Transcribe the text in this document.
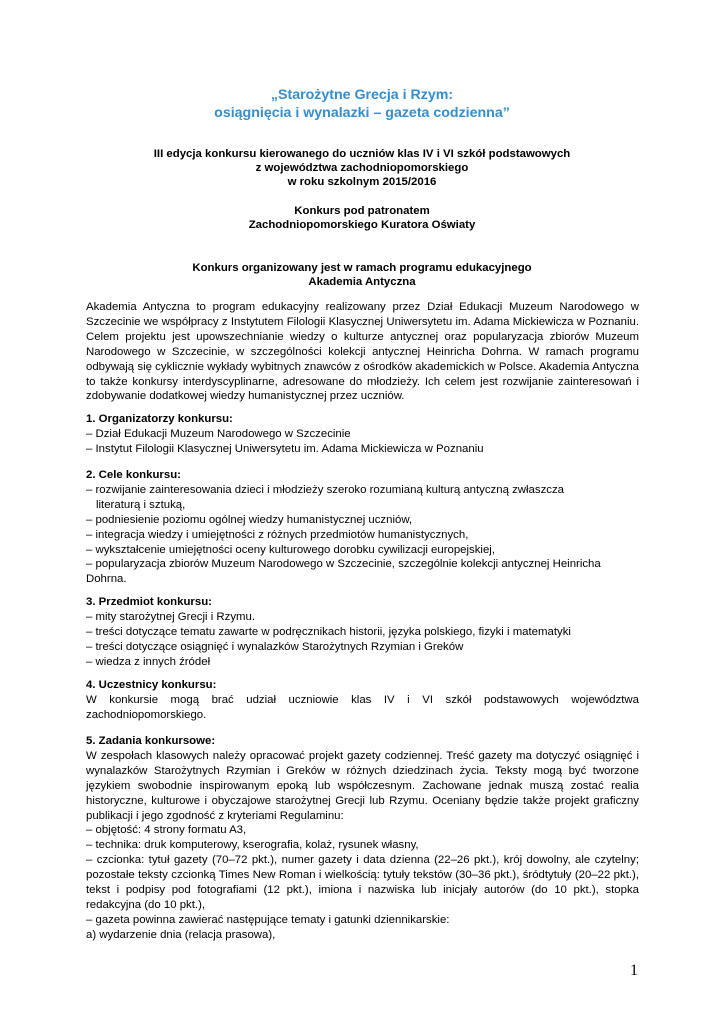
„Starożytne Grecja i Rzym:
osiągnięcia i wynalazki – gazeta codzienna”
III edycja konkursu kierowanego do uczniów klas IV i VI szkół podstawowych
z województwa zachodniopomorskiego
w roku szkolnym 2015/2016
Konkurs pod patronatem
Zachodniopomorskiego Kuratora Oświaty
Konkurs organizowany jest w ramach programu edukacyjnego
Akademia Antyczna
Akademia Antyczna to program edukacyjny realizowany przez Dział Edukacji Muzeum Narodowego w Szczecinie we współpracy z Instytutem Filologii Klasycznej Uniwersytetu im. Adama Mickiewicza w Poznaniu. Celem projektu jest upowszechnianie wiedzy o kulturze antycznej oraz popularyzacja zbiorów Muzeum Narodowego w Szczecinie, w szczególności kolekcji antycznej Heinricha Dohrna. W ramach programu odbywają się cyklicznie wykłady wybitnych znawców z ośrodków akademickich w Polsce. Akademia Antyczna to także konkursy interdyscyplinarne, adresowane do młodzieży. Ich celem jest rozwijanie zainteresowań i zdobywanie dodatkowej wiedzy humanistycznej przez uczniów.
1. Organizatorzy konkursu:
– Dział Edukacji Muzeum Narodowego w Szczecinie
– Instytut Filologii Klasycznej Uniwersytetu im. Adama Mickiewicza w Poznaniu
2. Cele konkursu:
– rozwijanie zainteresowania dzieci i młodzieży szeroko rozumianą kulturą antyczną zwłaszcza
literaturą i sztuką,
– podniesienie poziomu ogólnej wiedzy humanistycznej uczniów,
– integracja wiedzy i umiejętności z różnych przedmiotów humanistycznych,
– wykształcenie umiejętności oceny kulturowego dorobku cywilizacji europejskiej,
– popularyzacja zbiorów Muzeum Narodowego w Szczecinie, szczególnie kolekcji antycznej Heinricha Dohrna.
3. Przedmiot konkursu:
– mity starożytnej Grecji i Rzymu.
– treści dotyczące tematu zawarte w podręcznikach historii, języka polskiego, fizyki i matematyki
– treści dotyczące osiągnięć i wynalazków Starożytnych Rzymian i Greków
– wiedza z innych źródeł
4. Uczestnicy konkursu:
W konkursie mogą brać udział uczniowie klas IV i VI szkół podstawowych województwa zachodniopomorskiego.
5. Zadania konkursowe:
W zespołach klasowych należy opracować projekt gazety codziennej. Treść gazety ma dotyczyć osiągnięć i wynalazków Starożytnych Rzymian i Greków w różnych dziedzinach życia. Teksty mogą być tworzone językiem swobodnie inspirowanym epoką lub współczesnym. Zachowane jednak muszą zostać realia historyczne, kulturowe i obyczajowe starożytnej Grecji lub Rzymu. Oceniany będzie także projekt graficzny publikacji i jego zgodność z kryteriami Regulaminu:
– objętość: 4 strony formatu A3,
– technika: druk komputerowy, kserografia, kolaż, rysunek własny,
– czcionka: tytuł gazety (70–72 pkt.), numer gazety i data dzienna (22–26 pkt.), krój dowolny, ale czytelny; pozostałe teksty czcionką Times New Roman i wielkością: tytuły tekstów (30–36 pkt.), śródtytuły (20–22 pkt.), tekst i podpisy pod fotografiami (12 pkt.), imiona i nazwiska lub inicjały autorów (do 10 pkt.), stopka redakcyjna (do 10 pkt.),
– gazeta powinna zawierać następujące tematy i gatunki dziennikarskie:
a) wydarzenie dnia (relacja prasowa),
1
